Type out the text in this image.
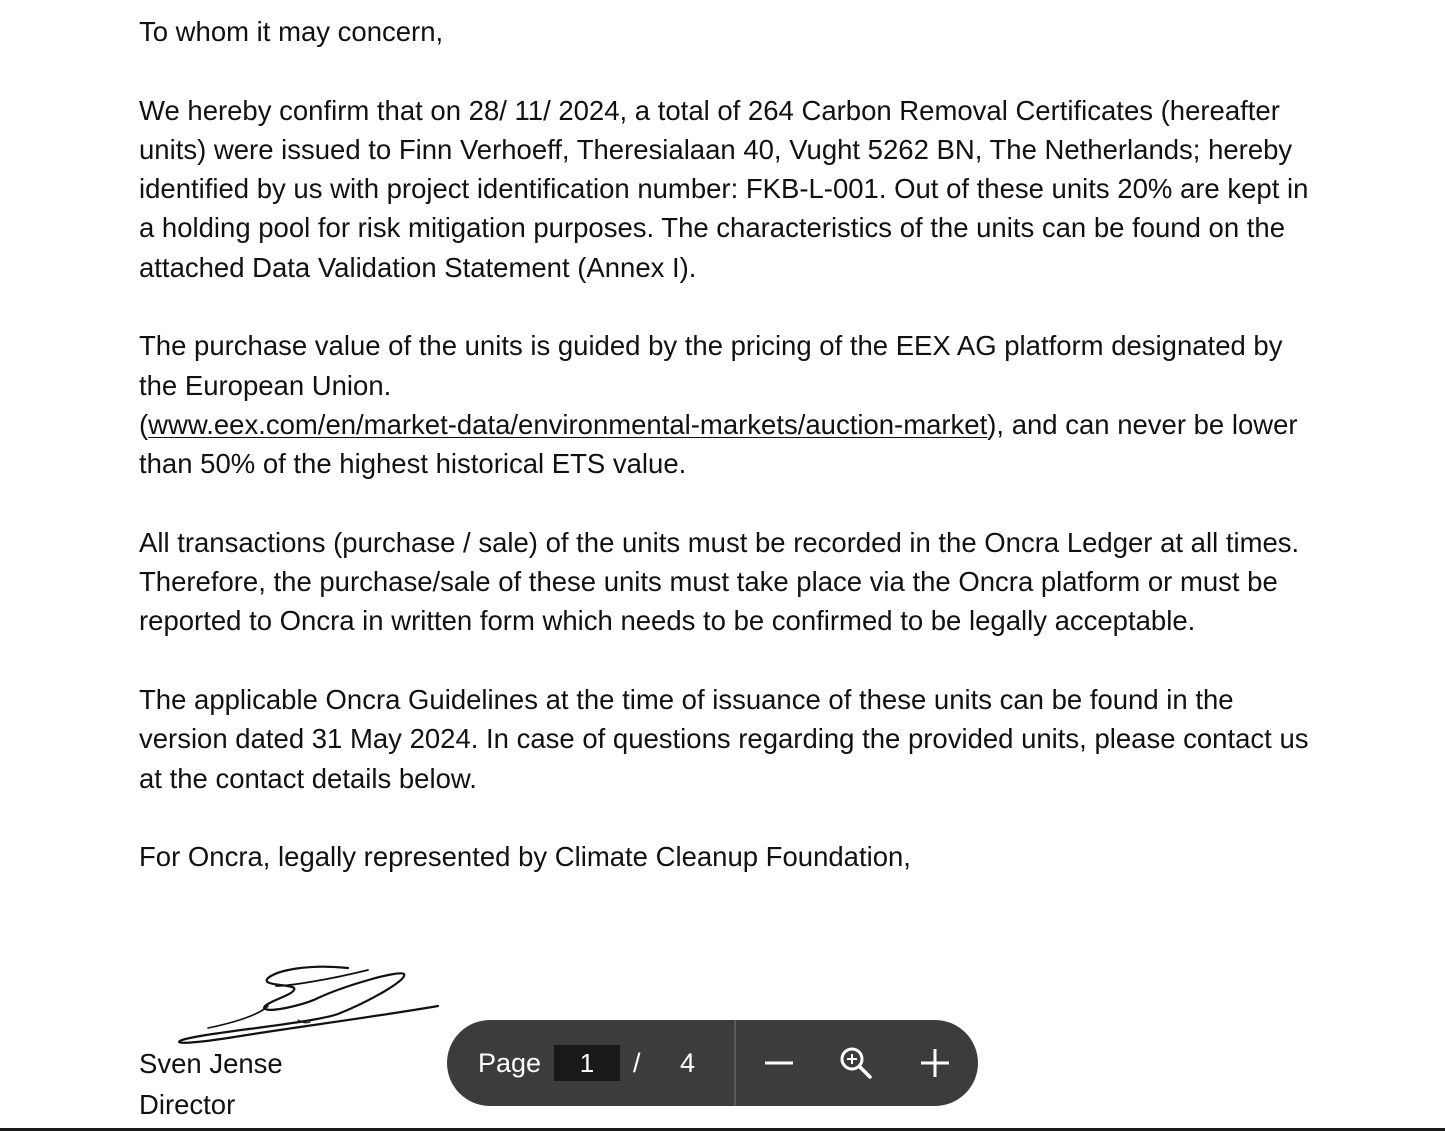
To whom it may concern,

We hereby confirm that on 28/ 11/ 2024, a total of 264 Carbon Removal Certificates (hereafter units) were issued to Finn Verhoeff, Theresialaan 40, Vught 5262 BN, The Netherlands; hereby identified by us with project identification number: FKB-L-001. Out of these units 20% are kept in a holding pool for risk mitigation purposes. The characteristics of the units can be found on the attached Data Validation Statement (Annex I).

The purchase value of the units is guided by the pricing of the EEX AG platform designated by the European Union.
(www.eex.com/en/market-data/environmental-markets/auction-market), and can never be lower than 50% of the highest historical ETS value.

All transactions (purchase / sale) of the units must be recorded in the Oncra Ledger at all times. Therefore, the purchase/sale of these units must take place via the Oncra platform or must be reported to Oncra in written form which needs to be confirmed to be legally acceptable.

The applicable Oncra Guidelines at the time of issuance of these units can be found in the version dated 31 May 2024. In case of questions regarding the provided units, please contact us at the contact details below.

For Oncra, legally represented by Climate Cleanup Foundation,

Sven Jense
Director
Page
1	/ 4
